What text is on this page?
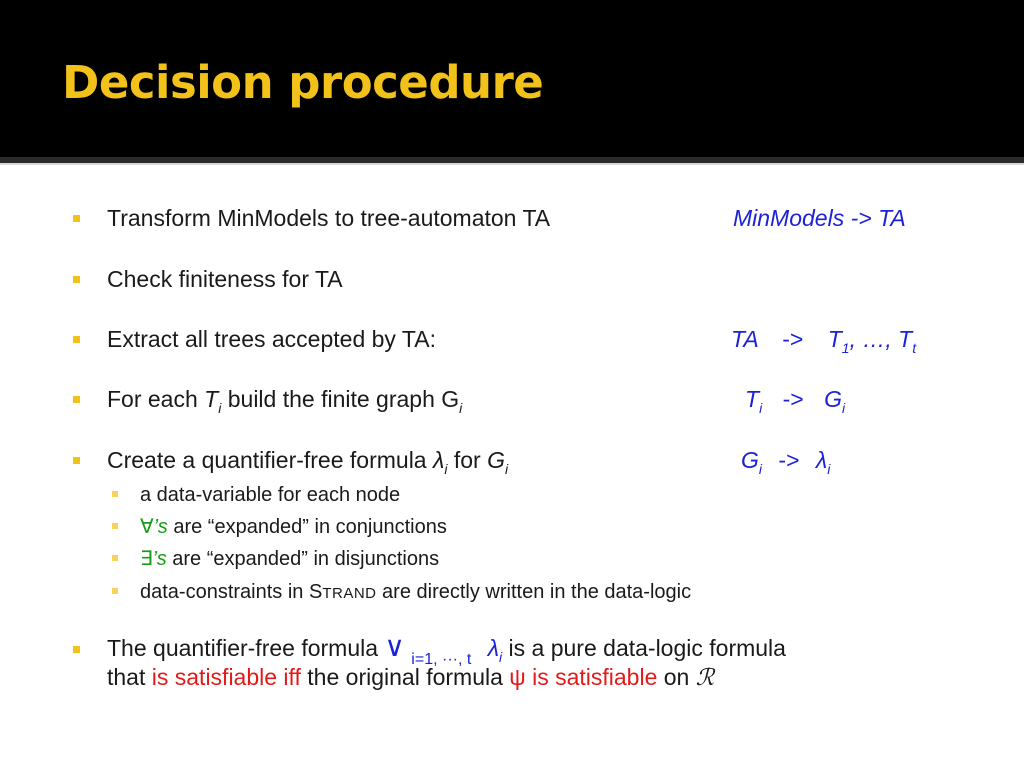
Decision procedure
Transform MinModels to tree-automaton TA	MinModels -> TA
Check finiteness for TA
Extract all trees accepted by TA:	TA -> $T_1$, …, $T_t$
For each $T_i$ build the finite graph $G_i$	$T_i -> G_i$
Create a quantifier-free formula $\lambda_i$ for $G_i$	$G_i -> \lambda_i$
a data-variable for each node
∀’s are “expanded” in conjunctions
∃’s are “expanded” in disjunctions
data-constraints in STRAND are directly written in the data-logic
The quantifier-free formula ∨ $_{i=1, \cdot\cdot\cdot, t}$ $\lambda_i$ is a pure data-logic formula
that is satisfiable iff the original formula ψ is satisfiable on ℛ
